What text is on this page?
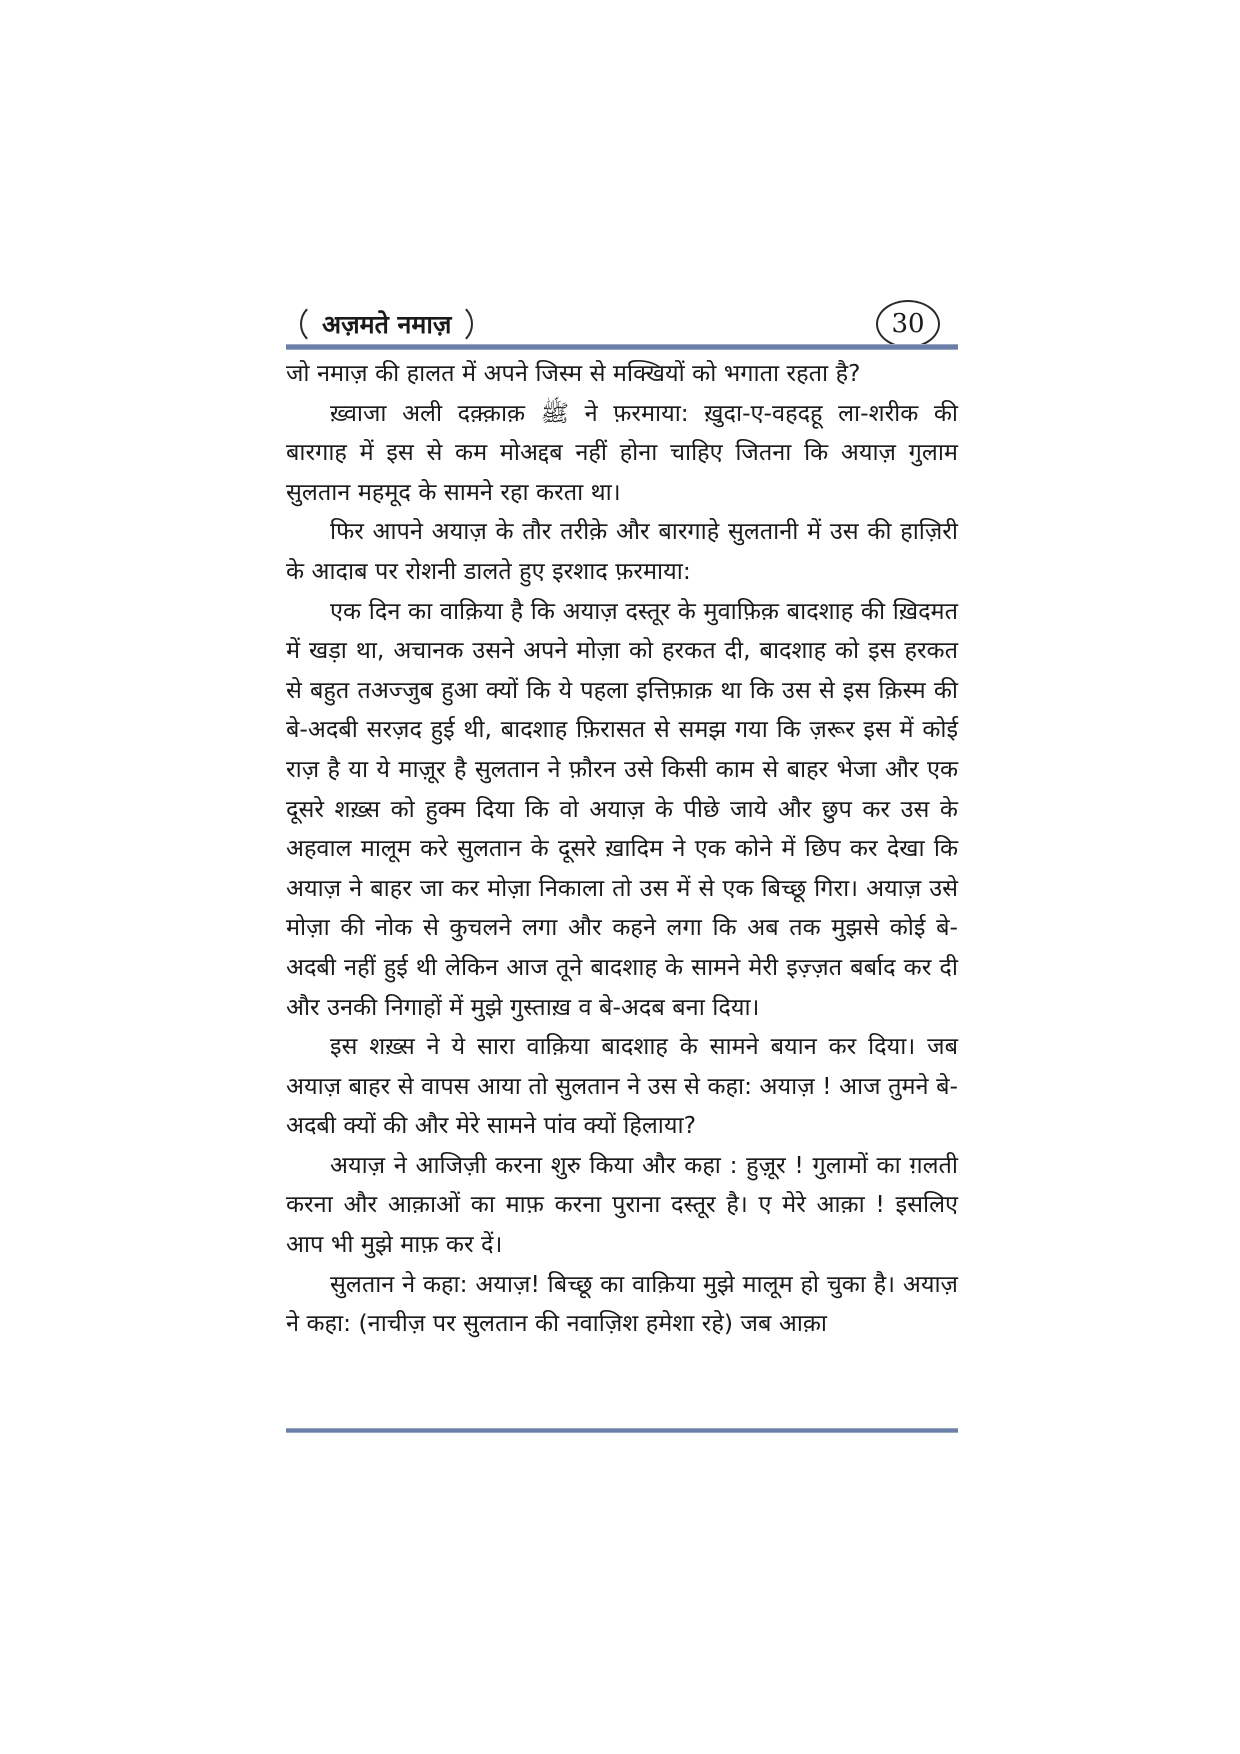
अज़मते नमाज़	30

जो नमाज़ की हालत में अपने जिस्म से मक्खियों को भगाता रहता है?

ख़्वाजा अली दक़्क़ाक़ ﷺ ने फ़रमाया: ख़ुदा-ए-वहदहू ला-शरीक की बारगाह में इस से कम मोअद्दब नहीं होना चाहिए जितना कि अयाज़ गुलाम सुलतान महमूद के सामने रहा करता था।

फिर आपने अयाज़ के तौर तरीक़े और बारगाहे सुलतानी में उस की हाज़िरी के आदाब पर रोशनी डालते हुए इरशाद फ़रमाया:

एक दिन का वाक़िया है कि अयाज़ दस्तूर के मुवाफ़िक़ बादशाह की ख़िदमत में खड़ा था, अचानक उसने अपने मोज़ा को हरकत दी, बादशाह को इस हरकत से बहुत तअज्जुब हुआ क्यों कि ये पहला इत्तिफ़ाक़ था कि उस से इस क़िस्म की बे-अदबी सरज़द हुई थी, बादशाह फ़िरासत से समझ गया कि ज़रूर इस में कोई राज़ है या ये माज़ूर है सुलतान ने फ़ौरन उसे किसी काम से बाहर भेजा और एक दूसरे शख़्स को हुक्म दिया कि वो अयाज़ के पीछे जाये और छुप कर उस के अहवाल मालूम करे सुलतान के दूसरे ख़ादिम ने एक कोने में छिप कर देखा कि अयाज़ ने बाहर जा कर मोज़ा निकाला तो उस में से एक बिच्छू गिरा। अयाज़ उसे मोज़ा की नोक से कुचलने लगा और कहने लगा कि अब तक मुझसे कोई बे-अदबी नहीं हुई थी लेकिन आज तूने बादशाह के सामने मेरी इज़्ज़त बर्बाद कर दी और उनकी निगाहों में मुझे गुस्ताख़ व बे-अदब बना दिया।

इस शख़्स ने ये सारा वाक़िया बादशाह के सामने बयान कर दिया। जब अयाज़ बाहर से वापस आया तो सुलतान ने उस से कहा: अयाज़ ! आज तुमने बे-अदबी क्यों की और मेरे सामने पांव क्यों हिलाया?

अयाज़ ने आजिज़ी करना शुरु किया और कहा : हुज़ूर ! गुलामों का ग़लती करना और आक़ाओं का माफ़ करना पुराना दस्तूर है। ए मेरे आक़ा ! इसलिए आप भी मुझे माफ़ कर दें।

सुलतान ने कहा: अयाज़! बिच्छू का वाक़िया मुझे मालूम हो चुका है। अयाज़ ने कहा: (नाचीज़ पर सुलतान की नवाज़िश हमेशा रहे) जब आक़ा
